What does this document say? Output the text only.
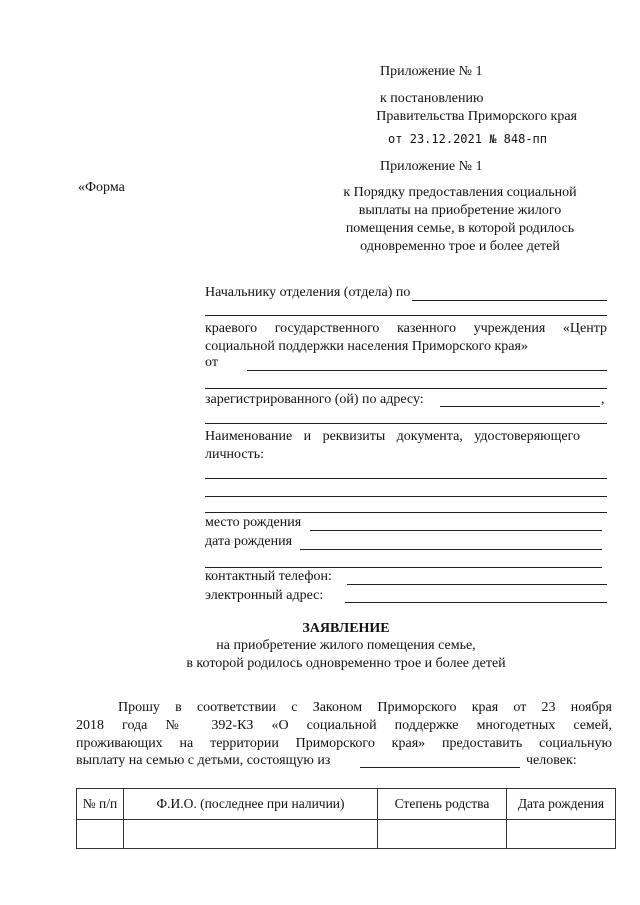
Приложение № 1
к постановлению
Правительства Приморского края
от 23.12.2021 № 848-пп
Приложение № 1
«Форма	к Порядку предоставления социальной
выплаты на приобретение жилого
помещения семье, в которой родилось
одновременно трое и более детей
Начальнику отделения (отдела) по
краевого государственного казенного учреждения «Центр социальной поддержки населения Приморского края»
от
зарегистрированного (ой) по адресу:	,
Наименование и реквизиты документа, удостоверяющего личность:
место рождения
дата рождения
контактный телефон:
электронный адрес:
ЗАЯВЛЕНИЕ
на приобретение жилого помещения семье,
в которой родилось одновременно трое и более детей
Прошу в соответствии с Законом Приморского края от 23 ноября
2018 года № 392-КЗ «О социальной поддержке многодетных семей,
проживающих на территории Приморского края» предоставить социальную
выплату на семью с детьми, состоящую из	человек:
№ п/п	Ф.И.О. (последнее при наличии)	Степень родства	Дата рождения
